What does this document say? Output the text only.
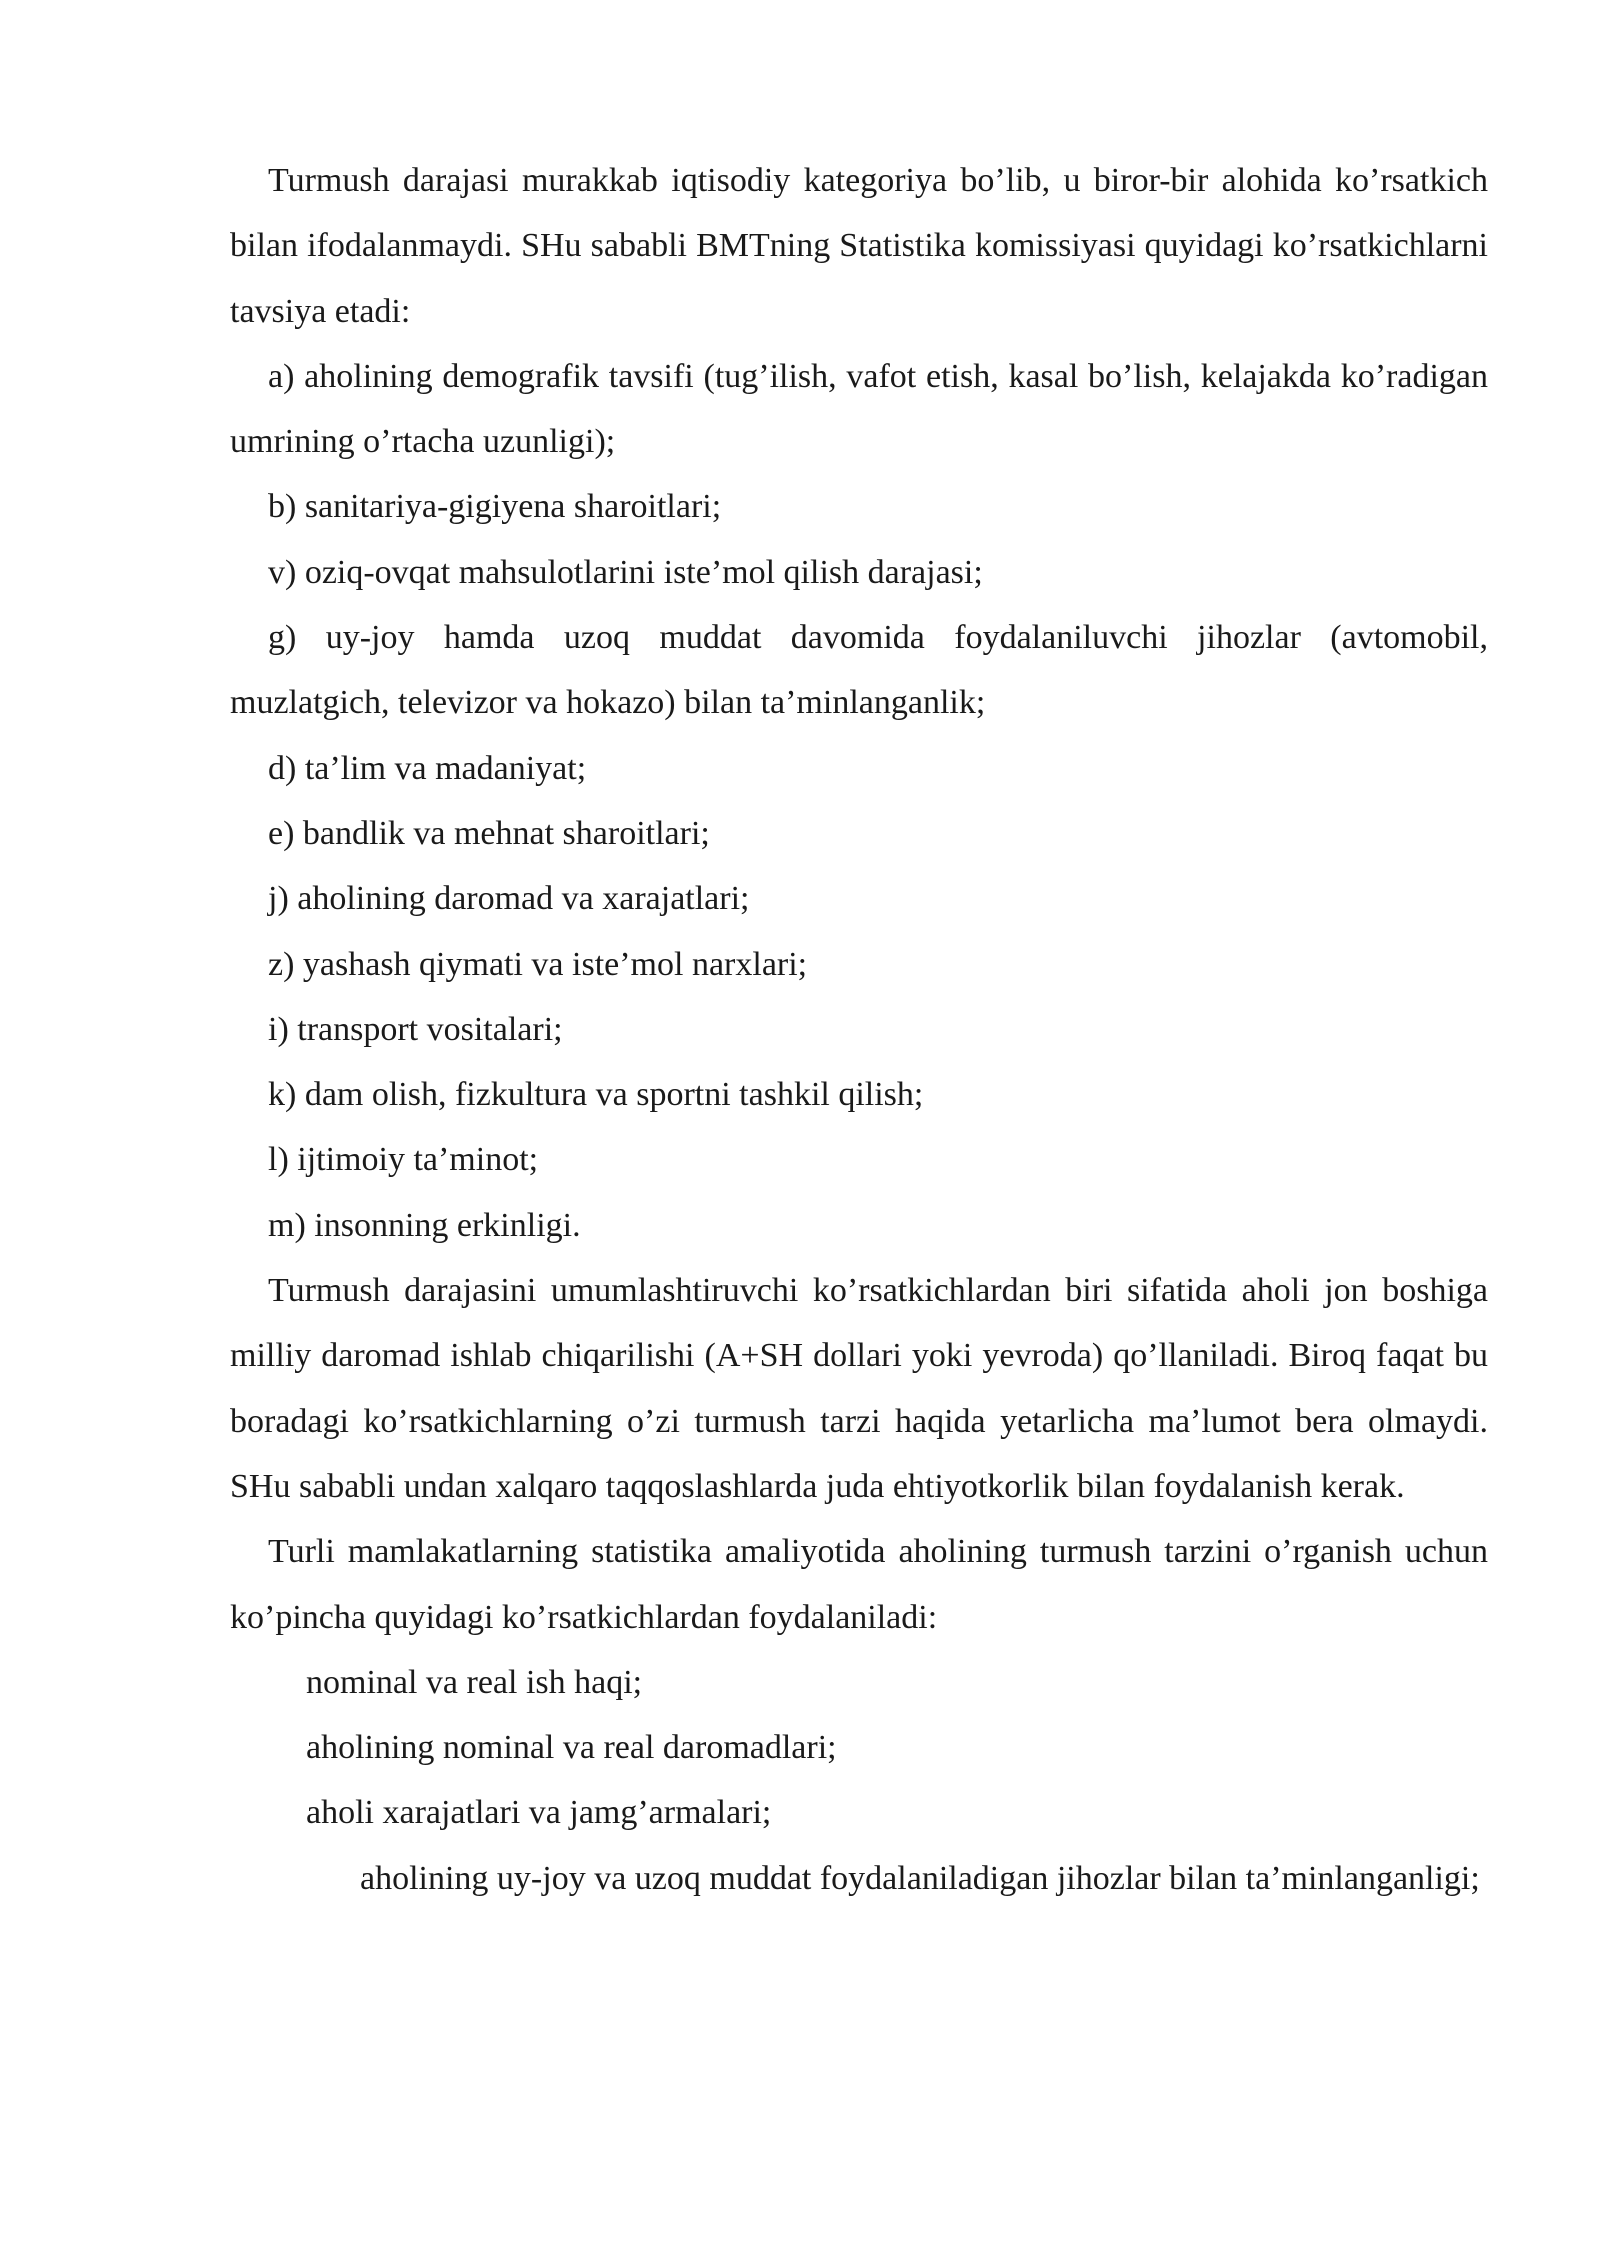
Turmush darajasi murakkab iqtisodiy kategoriya bo’lib, u biror-bir alohida ko’rsatkich bilan ifodalanmaydi. SHu sababli BMTning Statistika komissiyasi quyidagi ko’rsatkichlarni tavsiya etadi:

a) aholining demografik tavsifi (tug’ilish, vafot etish, kasal bo’lish, kelajakda ko’radigan umrining o’rtacha uzunligi);

b) sanitariya-gigiyena sharoitlari;

v) oziq-ovqat mahsulotlarini iste’mol qilish darajasi;

g) uy-joy hamda uzoq muddat davomida foydalaniluvchi jihozlar (avtomobil, muzlatgich, televizor va hokazo) bilan ta’minlanganlik;

d) ta’lim va madaniyat;

e) bandlik va mehnat sharoitlari;

j) aholining daromad va xarajatlari;

z) yashash qiymati va iste’mol narxlari;

i) transport vositalari;

k) dam olish, fizkultura va sportni tashkil qilish;

l) ijtimoiy ta’minot;

m) insonning erkinligi.

Turmush darajasini umumlashtiruvchi ko’rsatkichlardan biri sifatida aholi jon boshiga milliy daromad ishlab chiqarilishi (A+SH dollari yoki yevroda) qo’llaniladi. Biroq faqat bu boradagi ko’rsatkichlarning o’zi turmush tarzi haqida yetarlicha ma’lumot bera olmaydi. SHu sababli undan xalqaro taqqoslashlarda juda ehtiyotkorlik bilan foydalanish kerak.

Turli mamlakatlarning statistika amaliyotida aholining turmush tarzini o’rganish uchun ko’pincha quyidagi ko’rsatkichlardan foydalaniladi:

nominal va real ish haqi;

aholining nominal va real daromadlari;

aholi xarajatlari va jamg’armalari;

aholining uy-joy va uzoq muddat foydalaniladigan jihozlar bilan ta’minlanganligi;
